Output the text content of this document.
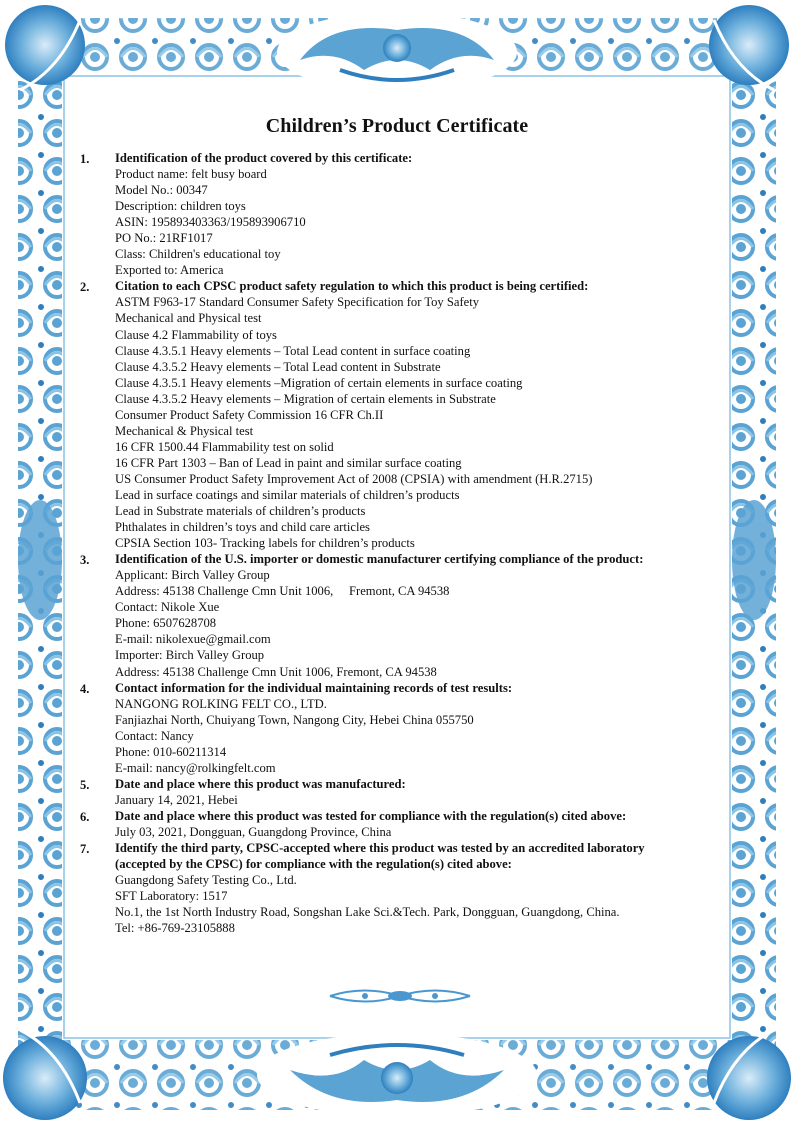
Children’s Product Certificate
1.	Identification of the product covered by this certificate:
Product name: felt busy board
Model No.: 00347
Description: children toys
ASIN: 195893403363/195893906710
PO No.: 21RF1017
Class: Children's educational toy
Exported to: America
2.	Citation to each CPSC product safety regulation to which this product is being certified:
ASTM F963-17 Standard Consumer Safety Specification for Toy Safety
Mechanical and Physical test
Clause 4.2 Flammability of toys
Clause 4.3.5.1 Heavy elements – Total Lead content in surface coating
Clause 4.3.5.2 Heavy elements – Total Lead content in Substrate
Clause 4.3.5.1 Heavy elements –Migration of certain elements in surface coating
Clause 4.3.5.2 Heavy elements – Migration of certain elements in Substrate
Consumer Product Safety Commission 16 CFR Ch.II
Mechanical & Physical test
16 CFR 1500.44 Flammability test on solid
16 CFR Part 1303 – Ban of Lead in paint and similar surface coating
US Consumer Product Safety Improvement Act of 2008 (CPSIA) with amendment (H.R.2715)
Lead in surface coatings and similar materials of children’s products
Lead in Substrate materials of children’s products
Phthalates in children’s toys and child care articles
CPSIA Section 103- Tracking labels for children’s products
3.	Identification of the U.S. importer or domestic manufacturer certifying compliance of the product:
Applicant: Birch Valley Group
Address: 45138 Challenge Cmn Unit 1006,     Fremont, CA 94538
Contact: Nikole Xue
Phone: 6507628708
E-mail: nikolexue@gmail.com
Importer: Birch Valley Group
Address: 45138 Challenge Cmn Unit 1006, Fremont, CA 94538
4.	Contact information for the individual maintaining records of test results:
NANGONG ROLKING FELT CO., LTD.
Fanjiazhai North, Chuiyang Town, Nangong City, Hebei China 055750
Contact: Nancy
Phone: 010-60211314
E-mail: nancy@rolkingfelt.com
5.	Date and place where this product was manufactured:
January 14, 2021, Hebei
6.	Date and place where this product was tested for compliance with the regulation(s) cited above:
July 03, 2021, Dongguan, Guangdong Province, China
7.	Identify the third party, CPSC-accepted where this product was tested by an accredited laboratory
(accepted by the CPSC) for compliance with the regulation(s) cited above:
Guangdong Safety Testing Co., Ltd.
SFT Laboratory: 1517
No.1, the 1st North Industry Road, Songshan Lake Sci.&Tech. Park, Dongguan, Guangdong, China.
Tel: +86-769-23105888
